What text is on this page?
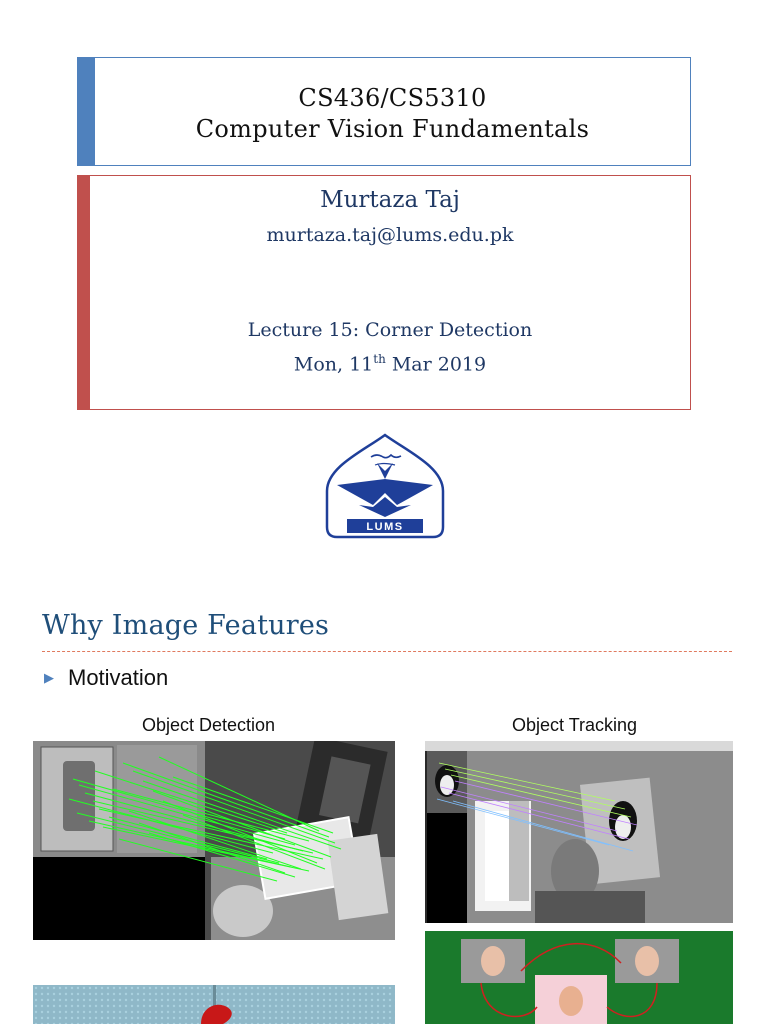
CS436/CS5310
Computer Vision Fundamentals
Murtaza Taj
murtaza.taj@lums.edu.pk
Lecture 15: Corner Detection
Mon, 11th Mar 2019
LUMS
Why Image Features
▶ Motivation
Object Detection	Object Tracking
